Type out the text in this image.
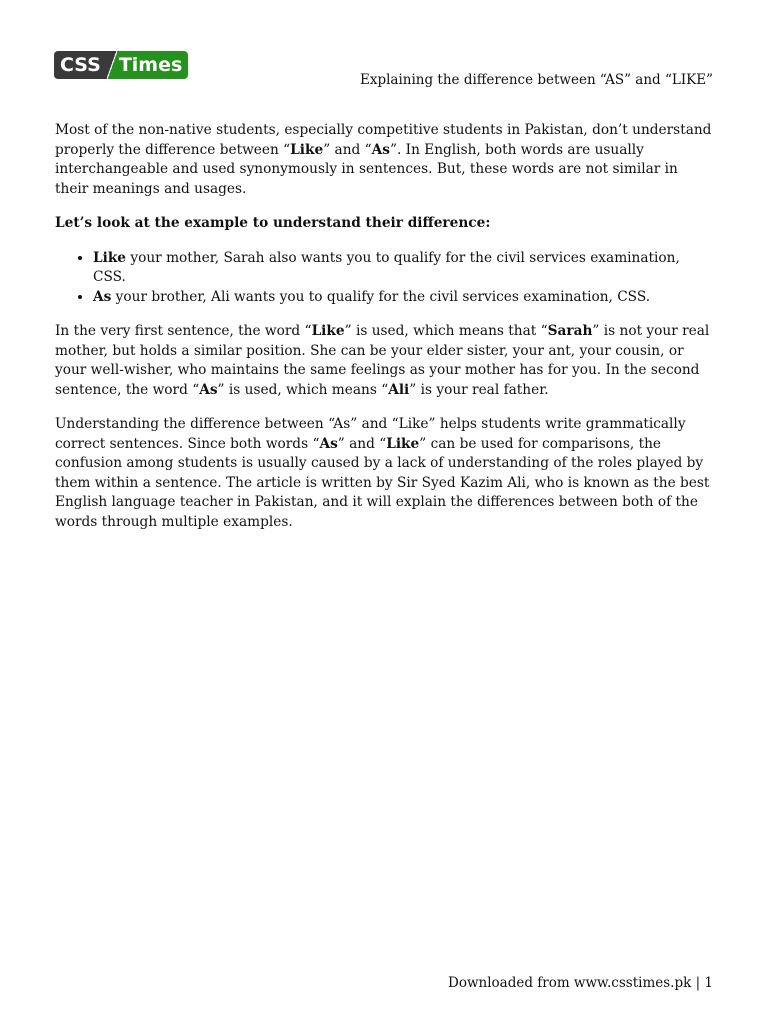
CSS Times
Explaining the difference between “AS” and “LIKE”

Most of the non-native students, especially competitive students in Pakistan, don’t understand properly the difference between “Like” and “As”. In English, both words are usually interchangeable and used synonymously in sentences. But, these words are not similar in their meanings and usages.

Let’s look at the example to understand their difference:

• Like your mother, Sarah also wants you to qualify for the civil services examination, CSS.
• As your brother, Ali wants you to qualify for the civil services examination, CSS.

In the very first sentence, the word “Like” is used, which means that “Sarah” is not your real mother, but holds a similar position. She can be your elder sister, your ant, your cousin, or your well-wisher, who maintains the same feelings as your mother has for you. In the second sentence, the word “As” is used, which means “Ali” is your real father.

Understanding the difference between “As” and “Like” helps students write grammatically correct sentences. Since both words “As” and “Like” can be used for comparisons, the confusion among students is usually caused by a lack of understanding of the roles played by them within a sentence. The article is written by Sir Syed Kazim Ali, who is known as the best English language teacher in Pakistan, and it will explain the differences between both of the words through multiple examples.

Downloaded from www.csstimes.pk | 1
